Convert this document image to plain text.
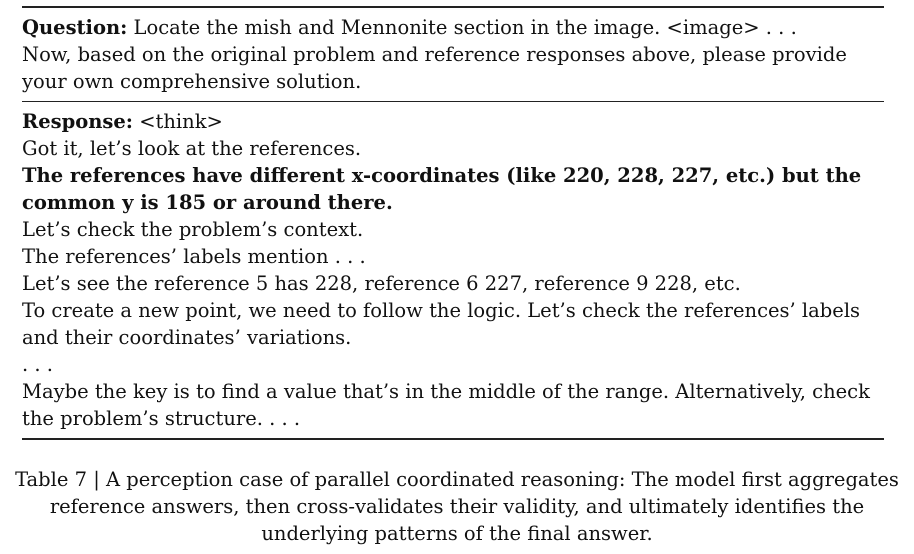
Question: Locate the mish and Mennonite section in the image. <image> . . .
Now, based on the original problem and reference responses above, please provide your own comprehensive solution.
Response: <think>
Got it, let’s look at the references.
The references have different x-coordinates (like 220, 228, 227, etc.) but the common y is 185 or around there.
Let’s check the problem’s context.
The references’ labels mention . . .
Let’s see the reference 5 has 228, reference 6 227, reference 9 228, etc.
To create a new point, we need to follow the logic. Let’s check the references’ labels and their coordinates’ variations.
. . .
Maybe the key is to find a value that’s in the middle of the range. Alternatively, check the problem’s structure. . . .
Table 7 | A perception case of parallel coordinated reasoning: The model first aggregates reference answers, then cross-validates their validity, and ultimately identifies the underlying patterns of the final answer.
